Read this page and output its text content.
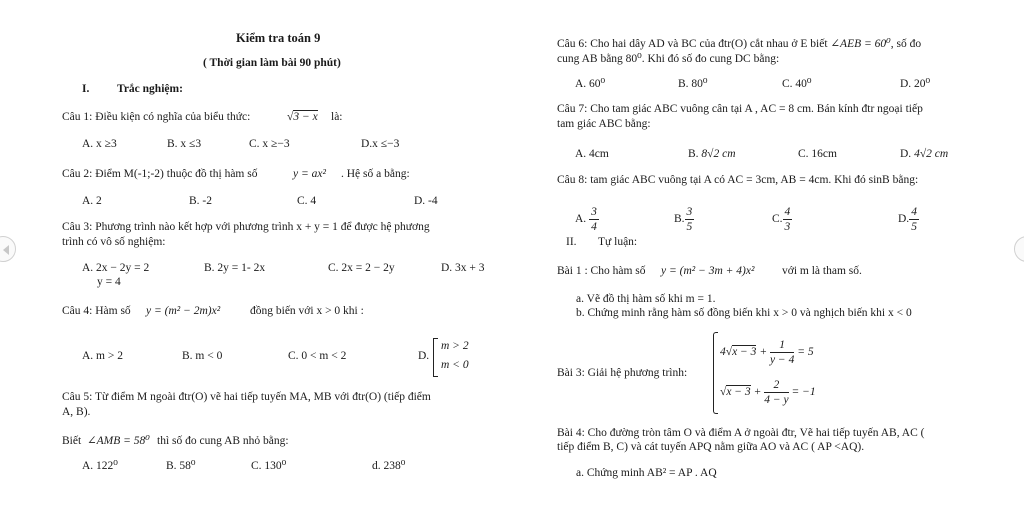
Kiểm tra toán 9
( Thời gian làm bài 90 phút)
I. Trắc nghiệm:
Câu 1: Điều kiện có nghĩa của biểu thức:	√3 − x là:
A. x ≥3	B. x ≤3	C. x ≥−3	D.x ≤−3
Câu 2: Điểm M(-1;-2) thuộc đồ thị hàm số	y = ax² . Hệ số a bằng:
A. 2	B. -2	C. 4	D. -4
Câu 3: Phương trình nào kết hợp với phương trình x + y = 1 để được hệ phương
trình có vô số nghiệm:
A. 2x − 2y = 2
y = 4
B. 2y = 1- 2x	C. 2x = 2 − 2y	D. 3x + 3
Câu 4: Hàm số y = (m² − 2m)x²	đồng biến với x > 0 khi :
A. m > 2	B. m < 0	C. 0 < m < 2	D.
m > 2
m < 0
Câu 5: Từ điểm M ngoài đtr(O) vẽ hai tiếp tuyến MA, MB với đtr(O) (tiếp điểm
A, B).
Biết ∠AMB = 58⁰ thì số đo cung AB nhỏ bằng:
A. 122⁰	B. 58⁰	C. 130⁰	d. 238⁰
Câu 6: Cho hai dây AD và BC của đtr(O) cắt nhau ở E biết ∠AEB = 60⁰, số đo
cung AB bằng 80⁰. Khi đó số đo cung DC bằng:
A. 60⁰	B. 80⁰	C. 40⁰	D. 20⁰
Câu 7: Cho tam giác ABC vuông cân tại A , AC = 8 cm. Bán kính đtr ngoại tiếp
tam giác ABC bằng:
A. 4cm	B. 8√2 cm	C. 16cm	D. 4√2 cm
Câu 8: tam giác ABC vuông tại A có AC = 3cm, AB = 4cm. Khi đó sinB bằng:
A. $\frac{3}{4}$	B. $\frac{3}{5}$	C. $\frac{4}{3}$	D. $\frac{4}{5}$
II. Tự luận:
Bài 1 : Cho hàm số y = (m² − 3m + 4)x² với m là tham số.
a. Vẽ đồ thị hàm số khi m = 1.
b. Chứng minh rằng hàm số đồng biến khi x > 0 và nghịch biến khi x < 0
Bài 3: Giải hệ phương trình:
$4√x - 3 + \frac{1}{y - 4} = 5$
$√x - 3 + \frac{2}{4 - y} = -1$
Bài 4: Cho đường tròn tâm O và điểm A ở ngoài đtr, Vẽ hai tiếp tuyến AB, AC (
tiếp điểm B, C) và cát tuyến APQ nằm giữa AO và AC ( AP <AQ).
a. Chứng minh AB² = AP . AQ
